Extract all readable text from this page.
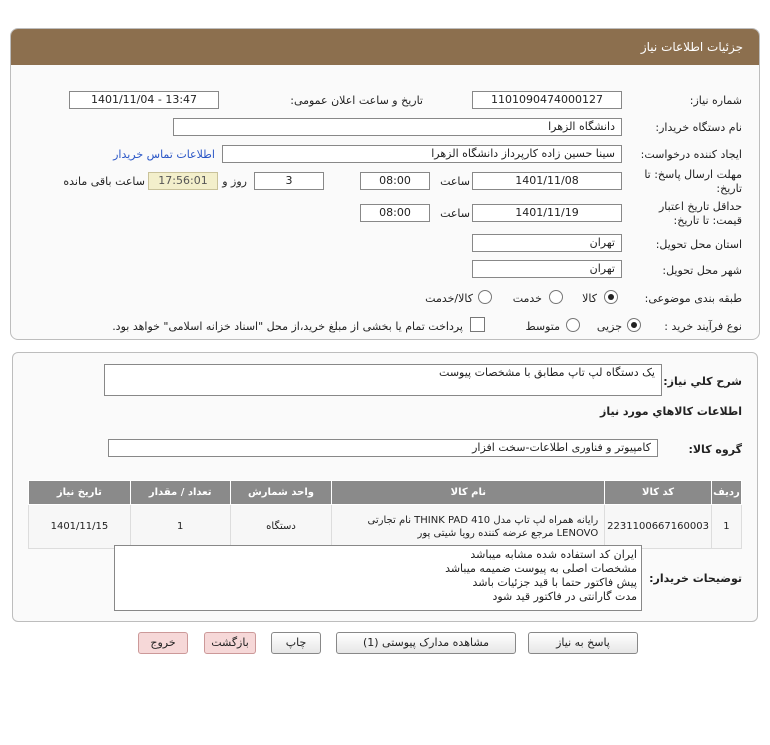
جزئیات اطلاعات نیاز
شماره نیاز:
1101090474000127
تاریخ و ساعت اعلان عمومی:
1401/11/04 - 13:47
نام دستگاه خریدار:
دانشگاه الزهرا
ایجاد کننده درخواست:
سینا حسین زاده کارپرداز دانشگاه الزهرا
اطلاعات تماس خریدار
مهلت ارسال پاسخ: تا
تاریخ:
1401/11/08
ساعت
08:00
3
روز و
17:56:01
ساعت باقی مانده
حداقل تاریخ اعتبار
قیمت: تا تاریخ:
1401/11/19
ساعت
08:00
استان محل تحویل:
تهران
شهر محل تحویل:
تهران
طبقه بندی موضوعی:
کالا
خدمت
کالا/خدمت
نوع فرآیند خرید :
جزیی
متوسط
پرداخت تمام یا بخشی از مبلغ خرید،از محل "اسناد خزانه اسلامی" خواهد بود.
شرح کلي نياز:
یک دستگاه لپ تاپ مطابق با مشخصات پیوست
اطلاعات کالاهاي مورد نياز
گروه کالا:
کامپیوتر و فناوری اطلاعات-سخت افزار
ردیف	کد کالا	نام کالا	واحد شمارش	تعداد / مقدار	تاریخ نیاز
1	2231100667160003	رایانه همراه لپ تاپ مدل THINK PAD 410 نام تجارتی
LENOVO مرجع عرضه کننده رویا شیتی پور	دستگاه	1	1401/11/15
توضیحات خریدار:
ایران کد استفاده شده مشابه میباشد
مشخصات اصلی به پیوست ضمیمه میباشد
پیش فاکتور حتما با قید جزئیات باشد
مدت گارانتی در فاکتور قید شود
پاسخ به نیاز
مشاهده مدارک پیوستی (1)
چاپ
بازگشت
خروج
